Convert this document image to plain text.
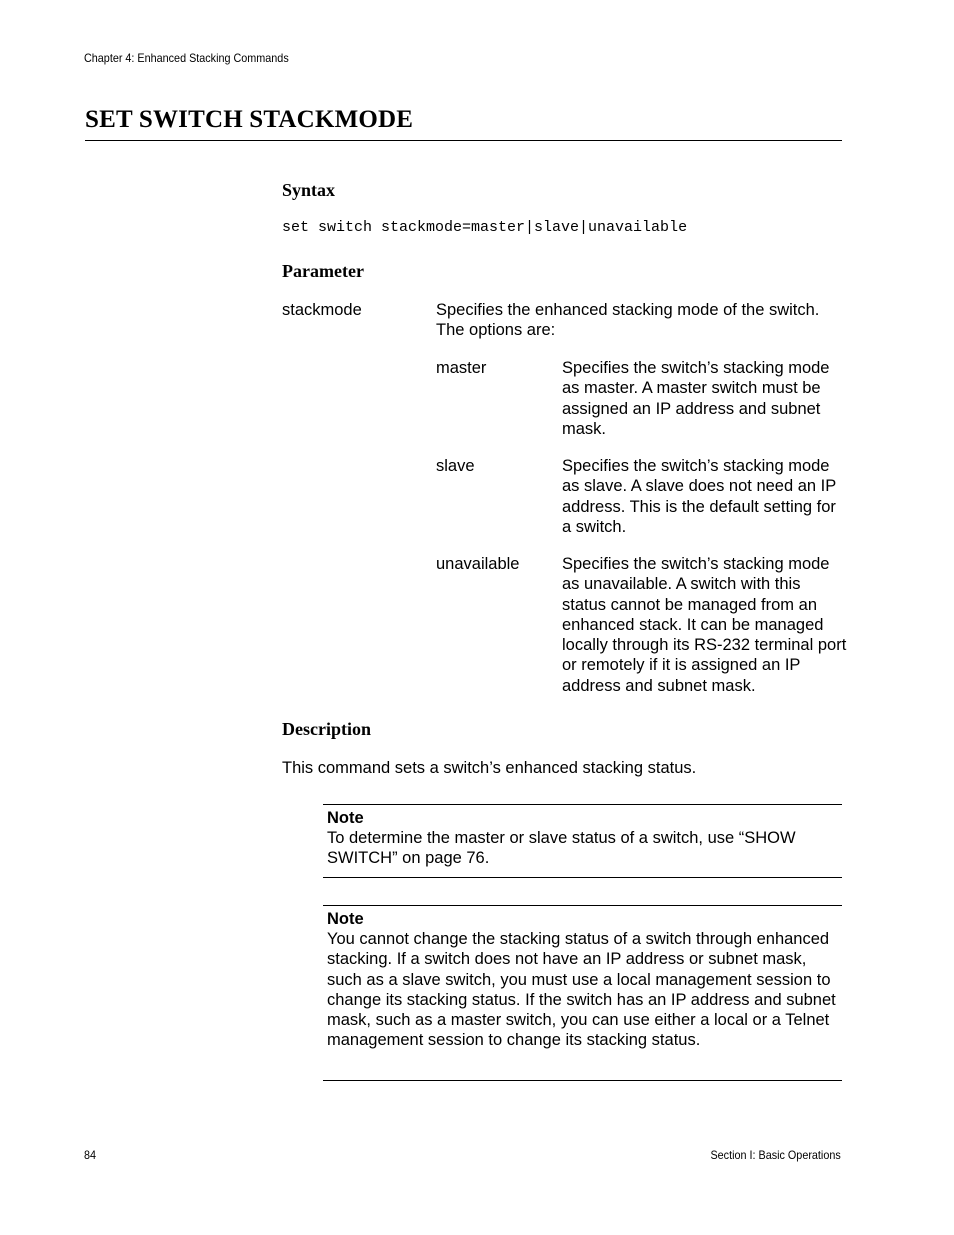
Chapter 4: Enhanced Stacking Commands
SET SWITCH STACKMODE
Syntax
set switch stackmode=master|slave|unavailable
Parameter
stackmode	Specifies the enhanced stacking mode of the switch. The options are:
master	Specifies the switch’s stacking mode as master. A master switch must be assigned an IP address and subnet mask.
slave	Specifies the switch’s stacking mode as slave. A slave does not need an IP address. This is the default setting for a switch.
unavailable	Specifies the switch’s stacking mode as unavailable. A switch with this status cannot be managed from an enhanced stack. It can be managed locally through its RS-232 terminal port or remotely if it is assigned an IP address and subnet mask.
Description
This command sets a switch’s enhanced stacking status.
Note
To determine the master or slave status of a switch, use “SHOW SWITCH” on page 76.
Note
You cannot change the stacking status of a switch through enhanced stacking. If a switch does not have an IP address or subnet mask, such as a slave switch, you must use a local management session to change its stacking status. If the switch has an IP address and subnet mask, such as a master switch, you can use either a local or a Telnet management session to change its stacking status.
84	Section I: Basic Operations
